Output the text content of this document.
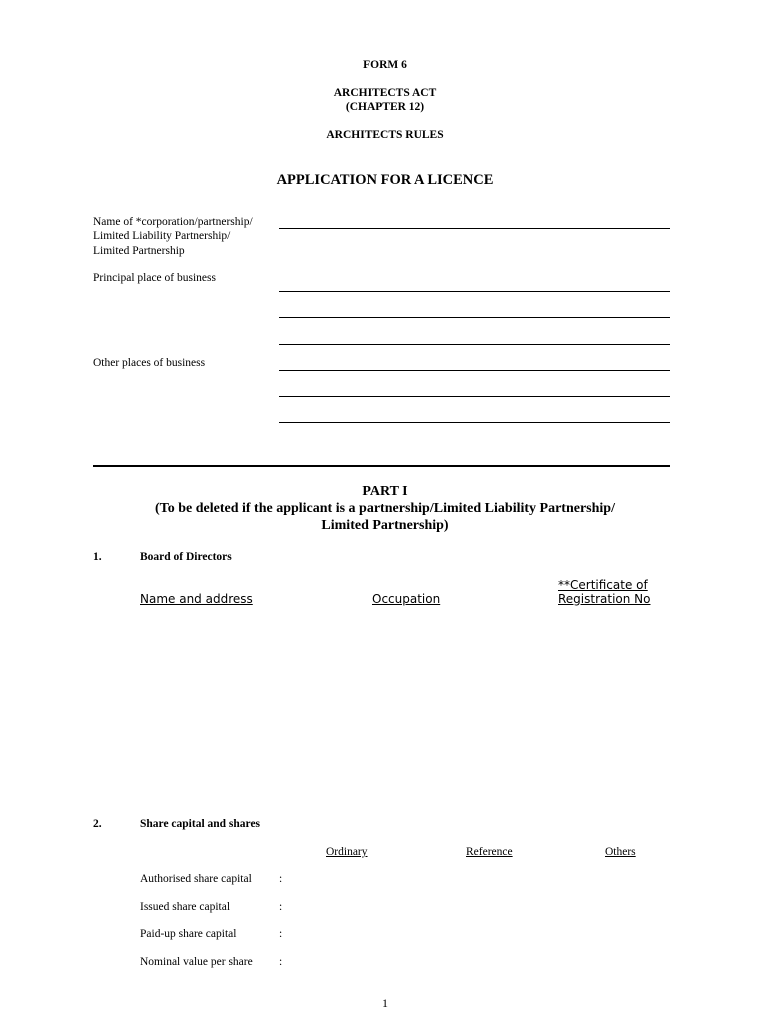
FORM 6
ARCHITECTS ACT
(CHAPTER 12)
ARCHITECTS RULES
APPLICATION FOR A LICENCE
Name of *corporation/partnership/
Limited Liability Partnership/
Limited Partnership
Principal place of business
Other places of business
PART I
(To be deleted if the applicant is a partnership/Limited Liability Partnership/
Limited Partnership)
1.	Board of Directors
Name and address	Occupation
**Certificate of
Registration No
2.	Share capital and shares
Ordinary	Reference	Others
Authorised share capital :
Issued share capital	:
Paid-up share capital	:
Nominal value per share :
1
